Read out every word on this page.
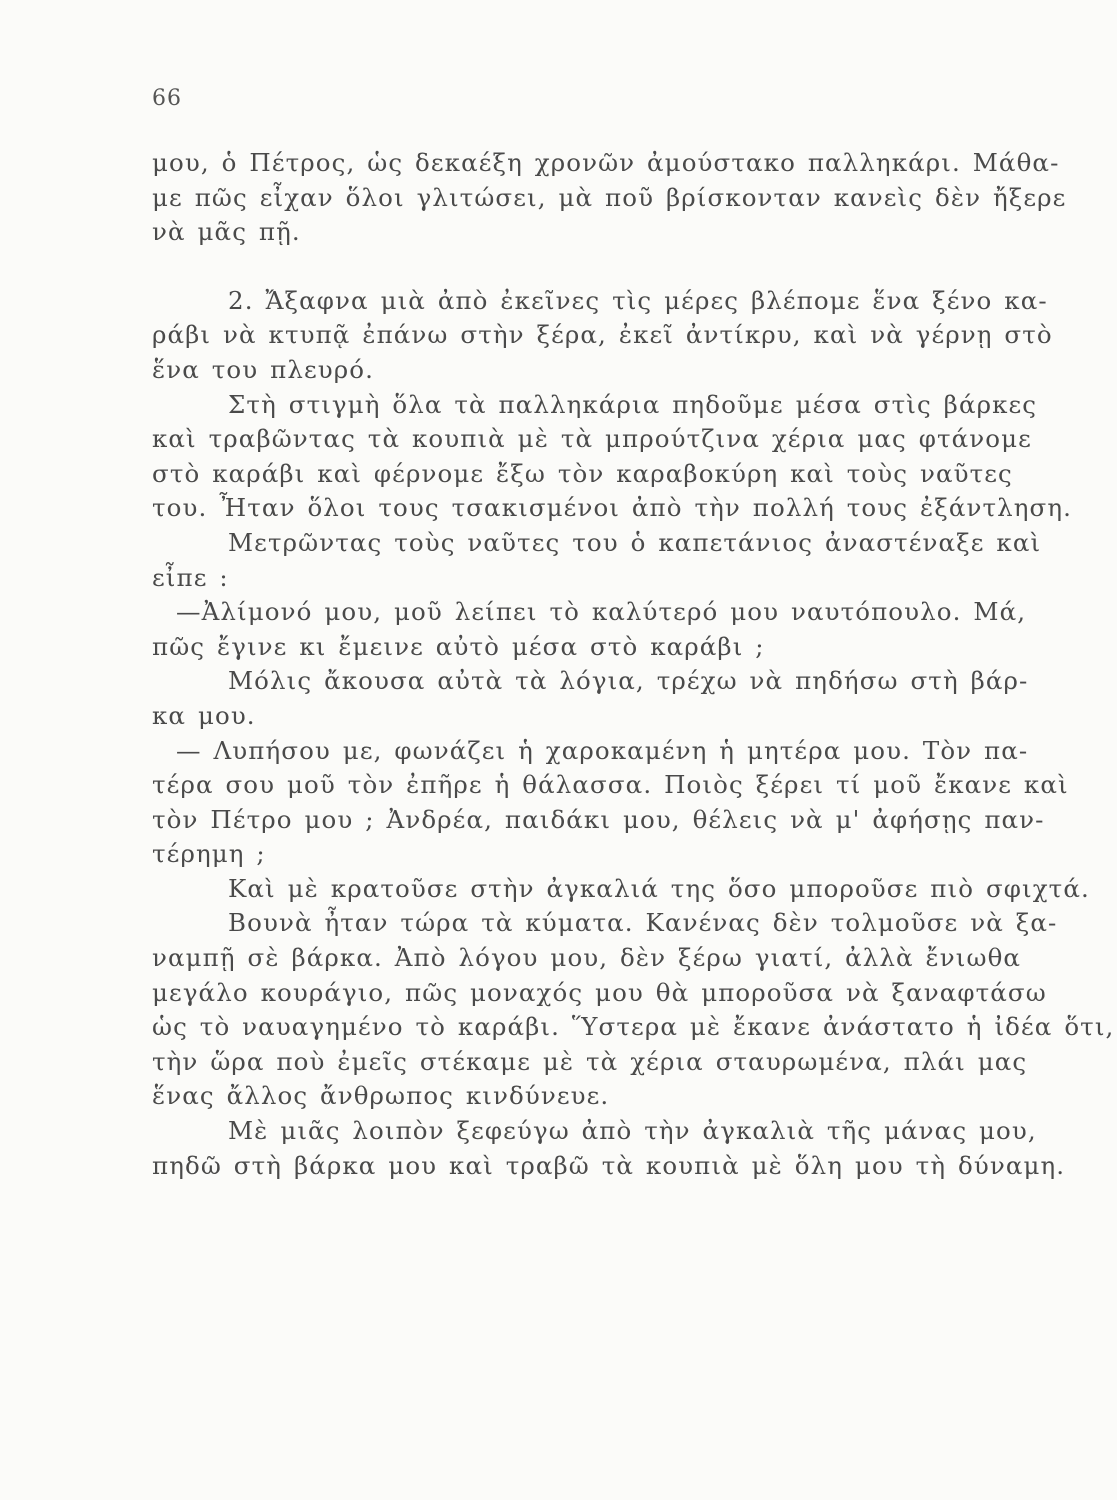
66
μου, ὁ Πέτρος, ὡς δεκαέξη χρονῶν ἀμούστακο παλληκάρι. Μάθα-
με πῶς εἶχαν ὅλοι γλιτώσει, μὰ ποῦ βρίσκονταν κανεὶς δὲν ἤξερε
νὰ μᾶς πῇ.
2. Ἄξαφνα μιὰ ἀπὸ ἐκεῖνες τὶς μέρες βλέπομε ἕνα ξένο κα-
ράβι νὰ κτυπᾷ ἐπάνω στὴν ξέρα, ἐκεῖ ἀντίκρυ, καὶ νὰ γέρνῃ στὸ
ἕνα του πλευρό.
Στὴ στιγμὴ ὅλα τὰ παλληκάρια πηδοῦμε μέσα στὶς βάρκες
καὶ τραβῶντας τὰ κουπιὰ μὲ τὰ μπρούτζινα χέρια μας φτάνομε
στὸ καράβι καὶ φέρνομε ἔξω τὸν καραβοκύρη καὶ τοὺς ναῦτες
του. Ἦταν ὅλοι τους τσακισμένοι ἀπὸ τὴν πολλή τους ἐξάντληση.
Μετρῶντας τοὺς ναῦτες του ὁ καπετάνιος ἀναστέναξε καὶ
εἶπε :
—Ἀλίμονό μου, μοῦ λείπει τὸ καλύτερό μου ναυτόπουλο. Μά,
πῶς ἔγινε κι ἔμεινε αὐτὸ μέσα στὸ καράβι ;
Μόλις ἄκουσα αὐτὰ τὰ λόγια, τρέχω νὰ πηδήσω στὴ βάρ-
κα μου.
— Λυπήσου με, φωνάζει ἡ χαροκαμένη ἡ μητέρα μου. Τὸν πα-
τέρα σου μοῦ τὸν ἐπῆρε ἡ θάλασσα. Ποιὸς ξέρει τί μοῦ ἔκανε καὶ
τὸν Πέτρο μου ; Ἀνδρέα, παιδάκι μου, θέλεις νὰ μ' ἀφήσῃς παν-
τέρημη ;
Καὶ μὲ κρατοῦσε στὴν ἀγκαλιά της ὅσο μποροῦσε πιὸ σφιχτά.
Βουνὰ ἦταν τώρα τὰ κύματα. Κανένας δὲν τολμοῦσε νὰ ξα-
ναμπῇ σὲ βάρκα. Ἀπὸ λόγου μου, δὲν ξέρω γιατί, ἀλλὰ ἔνιωθα
μεγάλο κουράγιο, πῶς μοναχός μου θὰ μποροῦσα νὰ ξαναφτάσω
ὡς τὸ ναυαγημένο τὸ καράβι. Ὕστερα μὲ ἔκανε ἀνάστατο ἡ ἰδέα ὅτι,
τὴν ὥρα ποὺ ἐμεῖς στέκαμε μὲ τὰ χέρια σταυρωμένα, πλάι μας
ἕνας ἄλλος ἄνθρωπος κινδύνευε.
Μὲ μιᾶς λοιπὸν ξεφεύγω ἀπὸ τὴν ἀγκαλιὰ τῆς μάνας μου,
πηδῶ στὴ βάρκα μου καὶ τραβῶ τὰ κουπιὰ μὲ ὅλη μου τὴ δύναμη.
